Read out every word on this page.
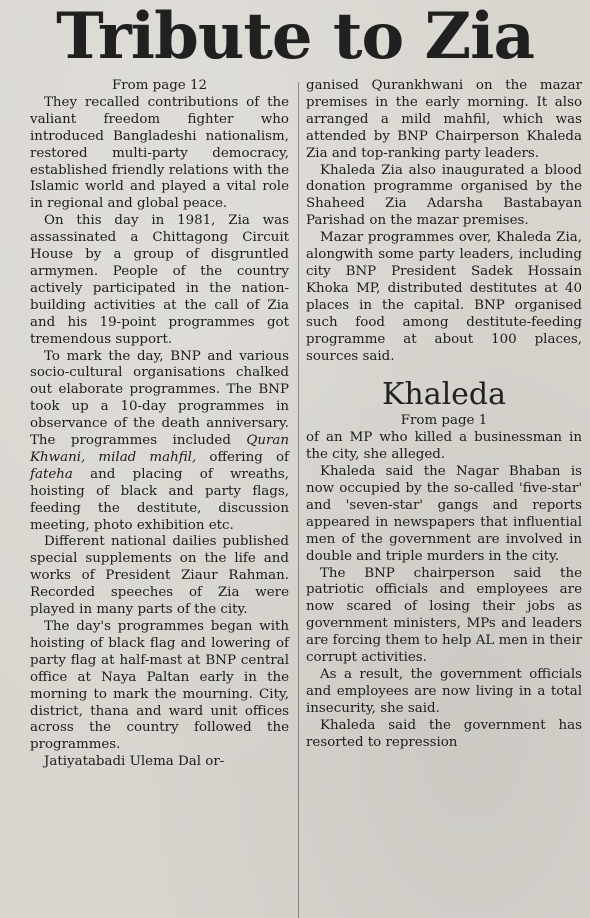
Tribute to Zia
From page 12

They recalled contributions of the valiant freedom fighter who introduced Bangladeshi nationalism, restored multi-party democracy, established friendly relations with the Islamic world and played a vital role in regional and global peace.

On this day in 1981, Zia was assassinated a Chittagong Circuit House by a group of disgruntled armymen. People of the country actively participated in the nation-building activities at the call of Zia and his 19-point programmes got tremendous support.

To mark the day, BNP and various socio-cultural organisations chalked out elaborate programmes. The BNP took up a 10-day programmes in observance of the death anniversary. The programmes included Quran Khwani, milad mahfil, offering of fateha and placing of wreaths, hoisting of black and party flags, feeding the destitute, discussion meeting, photo exhibition etc.

Different national dailies published special supplements on the life and works of President Ziaur Rahman. Recorded speeches of Zia were played in many parts of the city.

The day's programmes began with hoisting of black flag and lowering of party flag at half-mast at BNP central office at Naya Paltan early in the morning to mark the mourning. City, district, thana and ward unit offices across the country followed the programmes.

Jatiyatabadi Ulema Dal or-

ganised Qurankhwani on the mazar premises in the early morning. It also arranged a mild mahfil, which was attended by BNP Chairperson Khaleda Zia and top-ranking party leaders.

Khaleda Zia also inaugurated a blood donation programme organised by the Shaheed Zia Adarsha Bastabayan Parishad on the mazar premises.

Mazar programmes over, Khaleda Zia, alongwith some party leaders, including city BNP President Sadek Hossain Khoka MP, distributed destitutes at 40 places in the capital. BNP organised such food among destitute-feeding programme at about 100 places, sources said.

Khaleda
From page 1

of an MP who killed a businessman in the city, she alleged.

Khaleda said the Nagar Bhaban is now occupied by the so-called 'five-star' and 'seven-star' gangs and reports appeared in newspapers that influential men of the government are involved in double and triple murders in the city.

The BNP chairperson said the patriotic officials and employees are now scared of losing their jobs as government ministers, MPs and leaders are forcing them to help AL men in their corrupt activities.

As a result, the government officials and employees are now living in a total insecurity, she said.

Khaleda said the government has resorted to repression
